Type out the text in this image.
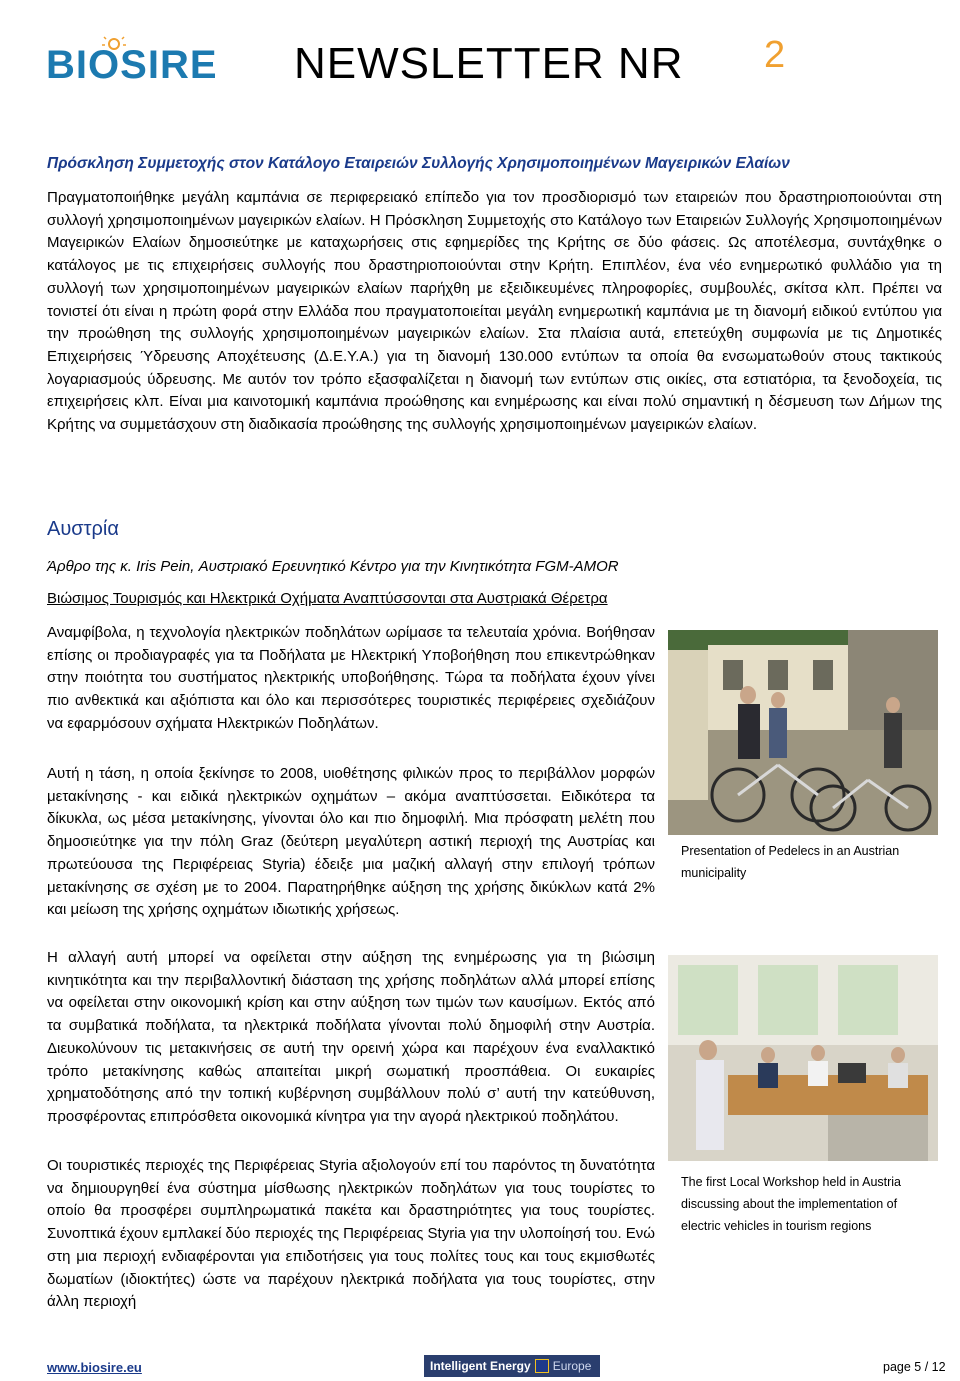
BIOSIRE NEWSLETTER NR 2
Πρόσκληση Συμμετοχής στον Κατάλογο Εταιρειών Συλλογής Χρησιμοποιημένων Μαγειρικών Ελαίων
Πραγματοποιήθηκε μεγάλη καμπάνια σε περιφερειακό επίπεδο για τον προσδιορισμό των εταιρειών που δραστηριοποιούνται στη συλλογή χρησιμοποιημένων μαγειρικών ελαίων. Η Πρόσκληση Συμμετοχής στο Κατάλογο των Εταιρειών Συλλογής Χρησιμοποιημένων Μαγειρικών Ελαίων δημοσιεύτηκε με καταχωρήσεις στις εφημερίδες της Κρήτης σε δύο φάσεις. Ως αποτέλεσμα, συντάχθηκε ο κατάλογος με τις επιχειρήσεις συλλογής που δραστηριοποιούνται στην Κρήτη. Επιπλέον, ένα νέο ενημερωτικό φυλλάδιο για τη συλλογή των χρησιμοποιημένων μαγειρικών ελαίων παρήχθη με εξειδικευμένες πληροφορίες, συμβουλές, σκίτσα κλπ. Πρέπει να τονιστεί ότι είναι η πρώτη φορά στην Ελλάδα που πραγματοποιείται μεγάλη ενημερωτική καμπάνια με τη διανομή ειδικού εντύπου για την προώθηση της συλλογής χρησιμοποιημένων μαγειρικών ελαίων. Στα πλαίσια αυτά, επετεύχθη συμφωνία με τις Δημοτικές Επιχειρήσεις Ύδρευσης Αποχέτευσης (Δ.Ε.Υ.Α.) για τη διανομή 130.000 εντύπων τα οποία θα ενσωματωθούν στους τακτικούς λογαριασμούς ύδρευσης. Με αυτόν τον τρόπο εξασφαλίζεται η διανομή των εντύπων στις οικίες, στα εστιατόρια, τα ξενοδοχεία, τις επιχειρήσεις κλπ. Είναι μια καινοτομική καμπάνια προώθησης και ενημέρωσης και είναι πολύ σημαντική η δέσμευση των Δήμων της Κρήτης να συμμετάσχουν στη διαδικασία προώθησης της συλλογής χρησιμοποιημένων μαγειρικών ελαίων.
Αυστρία
Άρθρο της κ. Iris Pein, Αυστριακό Ερευνητικό Κέντρο για την Κινητικότητα FGM-AMOR
Βιώσιμος Τουρισμός και Ηλεκτρικά Οχήματα Αναπτύσσονται στα Αυστριακά Θέρετρα
Αναμφίβολα, η τεχνολογία ηλεκτρικών ποδηλάτων ωρίμασε τα τελευταία χρόνια. Βοήθησαν επίσης οι προδιαγραφές για τα Ποδήλατα με Ηλεκτρική Υποβοήθηση που επικεντρώθηκαν στην ποιότητα του συστήματος ηλεκτρικής υποβοήθησης. Τώρα τα ποδήλατα έχουν γίνει πιο ανθεκτικά και αξιόπιστα και όλο και περισσότερες τουριστικές περιφέρειες σχεδιάζουν να εφαρμόσουν σχήματα Ηλεκτρικών Ποδηλάτων.
Αυτή η τάση, η οποία ξεκίνησε το 2008, υιοθέτησης φιλικών προς το περιβάλλον μορφών μετακίνησης - και ειδικά ηλεκτρικών οχημάτων – ακόμα αναπτύσσεται. Ειδικότερα τα δίκυκλα, ως μέσα μετακίνησης, γίνονται όλο και πιο δημοφιλή. Μια πρόσφατη μελέτη που δημοσιεύτηκε για την πόλη Graz (δεύτερη μεγαλύτερη αστική περιοχή της Αυστρίας και πρωτεύουσα της Περιφέρειας Styria) έδειξε μια μαζική αλλαγή στην επιλογή τρόπων μετακίνησης σε σχέση με το 2004. Παρατηρήθηκε αύξηση της χρήσης δικύκλων κατά 2% και μείωση της χρήσης οχημάτων ιδιωτικής χρήσεως.
Η αλλαγή αυτή μπορεί να οφείλεται στην αύξηση της ενημέρωσης για τη βιώσιμη κινητικότητα και την περιβαλλοντική διάσταση της χρήσης ποδηλάτων αλλά μπορεί επίσης να οφείλεται στην οικονομική κρίση και στην αύξηση των τιμών των καυσίμων. Εκτός από τα συμβατικά ποδήλατα, τα ηλεκτρικά ποδήλατα γίνονται πολύ δημοφιλή στην Αυστρία. Διευκολύνουν τις μετακινήσεις σε αυτή την ορεινή χώρα και παρέχουν ένα εναλλακτικό τρόπο μετακίνησης καθώς απαιτείται μικρή σωματική προσπάθεια. Οι ευκαιρίες χρηματοδότησης από την τοπική κυβέρνηση συμβάλλουν πολύ σ’ αυτή την κατεύθυνση, προσφέροντας επιπρόσθετα οικονομικά κίνητρα για την αγορά ηλεκτρικού ποδηλάτου.
Οι τουριστικές περιοχές της Περιφέρειας Styria αξιολογούν επί του παρόντος τη δυνατότητα να δημιουργηθεί ένα σύστημα μίσθωσης ηλεκτρικών ποδηλάτων για τους τουρίστες το οποίο θα προσφέρει συμπληρωματικά πακέτα και δραστηριότητες για τους τουρίστες. Συνοπτικά έχουν εμπλακεί δύο περιοχές της Περιφέρειας Styria για την υλοποίησή του. Ενώ στη μια περιοχή ενδιαφέρονται για επιδοτήσεις για τους πολίτες τους και τους εκμισθωτές δωματίων (ιδιοκτήτες) ώστε να παρέχουν ηλεκτρικά ποδήλατα για τους τουρίστες, στην άλλη περιοχή
Presentation of Pedelecs in an Austrian municipality
The first Local Workshop held in Austria discussing about the implementation of electric vehicles in tourism regions
www.biosire.eu	Intelligent Energy Europe	page 5 / 12
